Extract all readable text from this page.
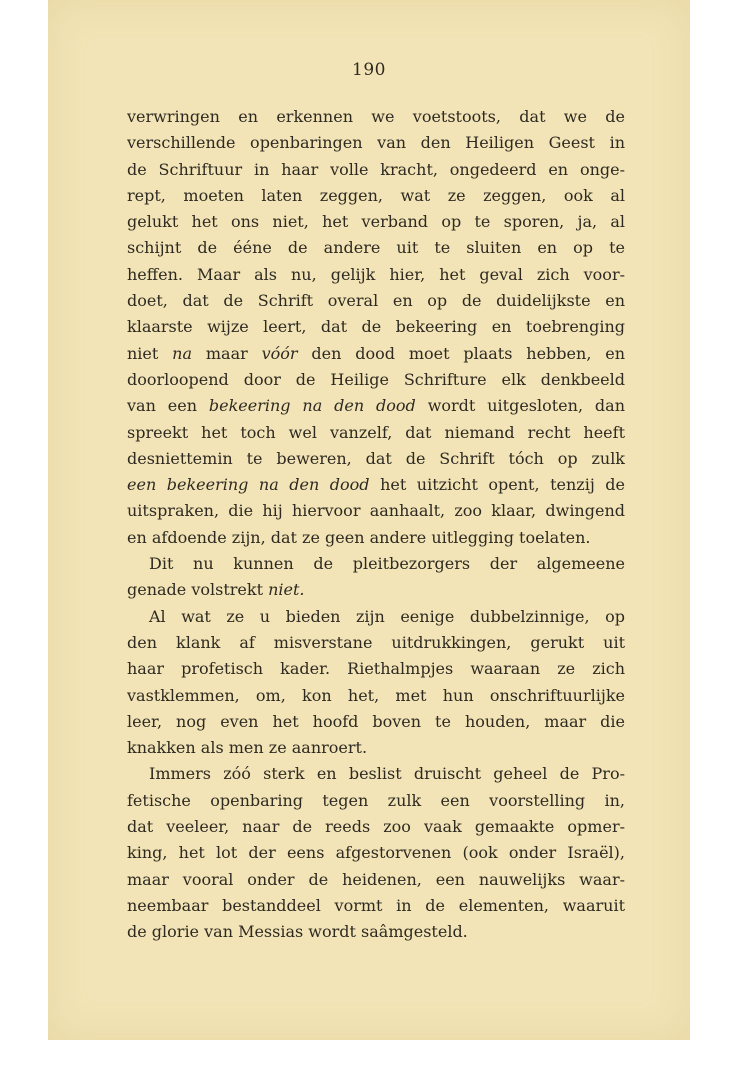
190
verwringen en erkennen we voetstoots, dat we de
verschillende openbaringen van den Heiligen Geest in
de Schriftuur in haar volle kracht, ongedeerd en onge-
rept, moeten laten zeggen, wat ze zeggen, ook al
gelukt het ons niet, het verband op te sporen, ja, al
schijnt de ééne de andere uit te sluiten en op te
heffen. Maar als nu, gelijk hier, het geval zich voor-
doet, dat de Schrift overal en op de duidelijkste en
klaarste wijze leert, dat de bekeering en toebrenging
niet na maar vóór den dood moet plaats hebben, en
doorloopend door de Heilige Schrifture elk denkbeeld
van een bekeering na den dood wordt uitgesloten, dan
spreekt het toch wel vanzelf, dat niemand recht heeft
desniettemin te beweren, dat de Schrift tóch op zulk
een bekeering na den dood het uitzicht opent, tenzij de
uitspraken, die hij hiervoor aanhaalt, zoo klaar, dwingend
en afdoende zijn, dat ze geen andere uitlegging toelaten.
Dit nu kunnen de pleitbezorgers der algemeene
genade volstrekt niet.
Al wat ze u bieden zijn eenige dubbelzinnige, op
den klank af misverstane uitdrukkingen, gerukt uit
haar profetisch kader. Riethalmpjes waaraan ze zich
vastklemmen, om, kon het, met hun onschriftuurlijke
leer, nog even het hoofd boven te houden, maar die
knakken als men ze aanroert.
Immers zóó sterk en beslist druischt geheel de Pro-
fetische openbaring tegen zulk een voorstelling in,
dat veeleer, naar de reeds zoo vaak gemaakte opmer-
king, het lot der eens afgestorvenen (ook onder Israël),
maar vooral onder de heidenen, een nauwelijks waar-
neembaar bestanddeel vormt in de elementen, waaruit
de glorie van Messias wordt saâmgesteld.
